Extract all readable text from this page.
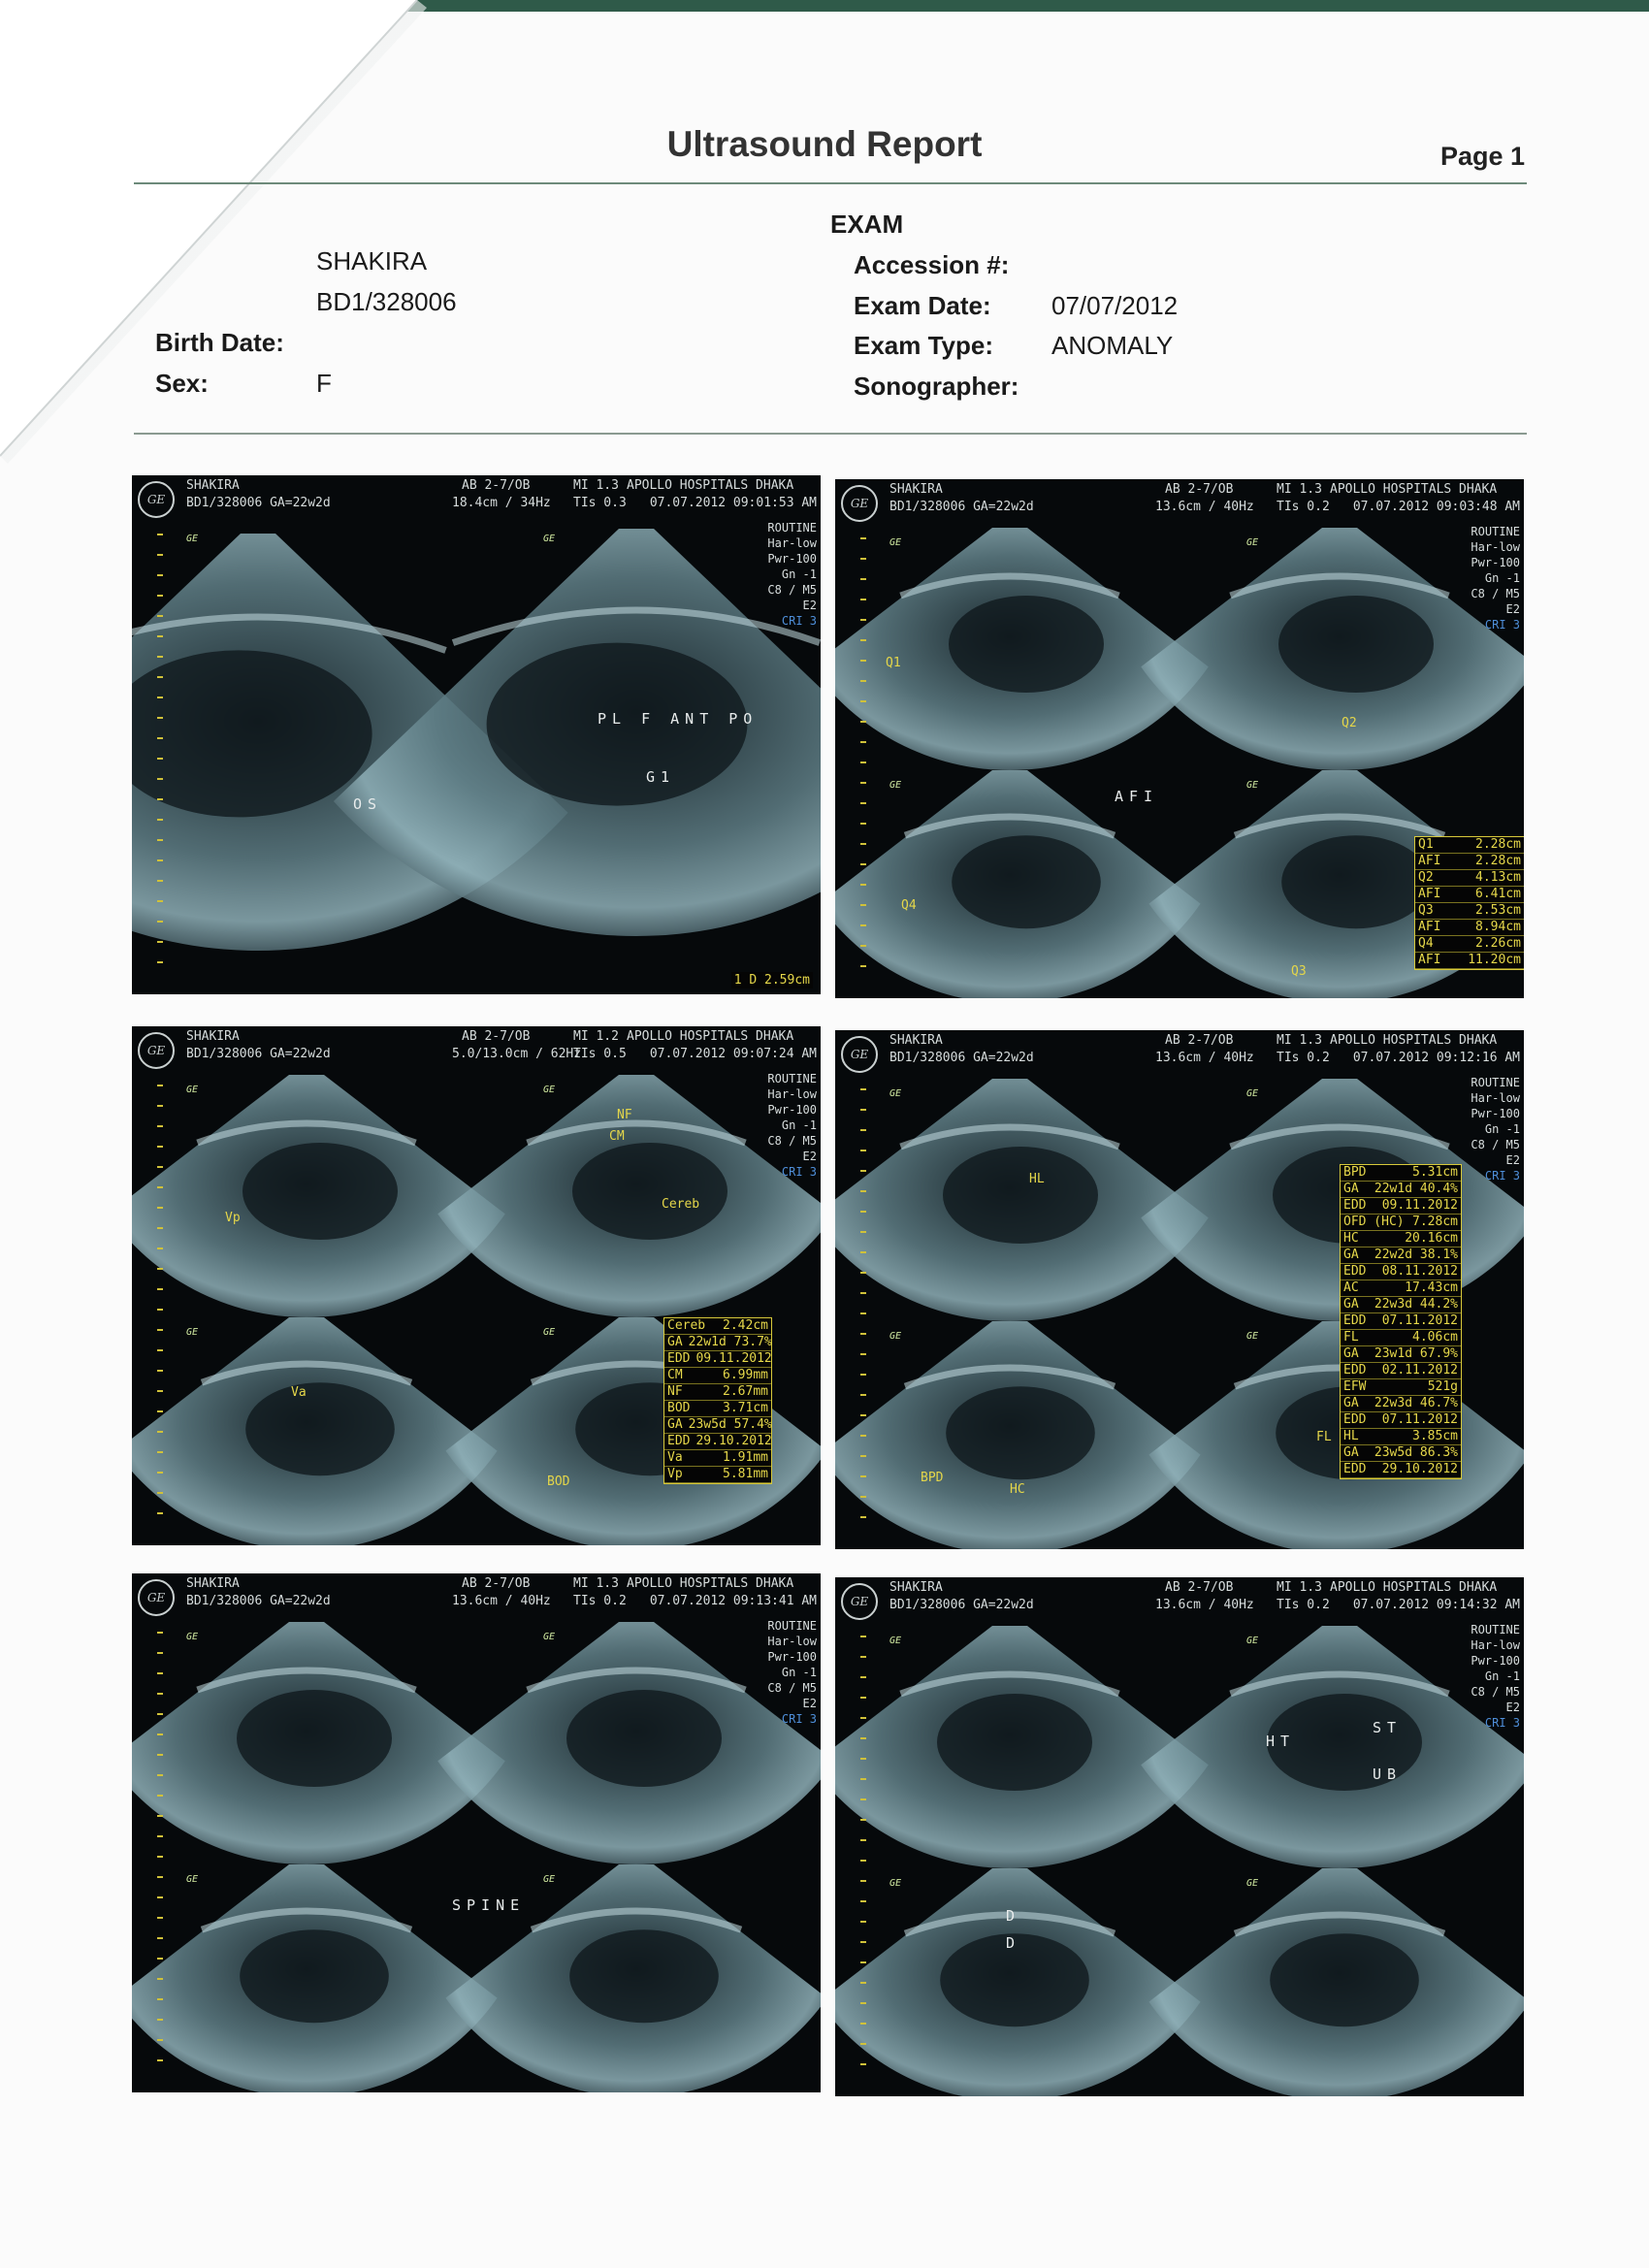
Ultrasound Report	Page 1
SHAKIRA
BD1/328006
Birth Date:
Sex:	F
EXAM
Accession #:
Exam Date: 07/07/2012
Exam Type: ANOMALY
Sonographer:
GE
SHAKIRA
BD1/328006 GA=22w2d
AB 2-7/OB
18.4cm / 34Hz
MI 1.3
TIs 0.3
APOLLO HOSPITALS DHAKA
07.07.2012 09:01:53 AM
ROUTINE
Har-low
Pwr-100
Gn -1
C8 / M5
E2
CRI 3
GE	GE
OS
PL F ANT PO
G1
1 D 2.59cm
GE
SHAKIRA
BD1/328006 GA=22w2d
AB 2-7/OB
13.6cm / 40Hz
MI 1.3
TIs 0.2
APOLLO HOSPITALS DHAKA
07.07.2012 09:03:48 AM
ROUTINE
Har-low
Pwr-100
Gn -1
C8 / M5
E2
CRI 3
GE	GE
GE	GE
AFI
Q1
Q2
Q3
Q4
Q1	2.28cm
AFI	2.28cm
Q2	4.13cm
AFI	6.41cm
Q3	2.53cm
AFI	8.94cm
Q4	2.26cm
AFI 11.20cm
GE
SHAKIRA
BD1/328006 GA=22w2d
AB 2-7/OB
5.0/13.0cm / 62Hz
MI 1.2
TIs 0.5
APOLLO HOSPITALS DHAKA
07.07.2012 09:07:24 AM
ROUTINE
Har-low
Pwr-100
Gn -1
C8 / M5
E2
CRI 3
GE	GE
GE	GE
Vp
NF
CM
Cereb
Va
BOD
Cereb 2.42cm
GA 22w1d 73.7%
EDD 09.11.2012
CM	6.99mm
NF	2.67mm
BOD	3.71cm
GA 23w5d 57.4%
EDD 29.10.2012
Va	1.91mm
Vp	5.81mm
GE
SHAKIRA
BD1/328006 GA=22w2d
AB 2-7/OB
13.6cm / 40Hz
MI 1.3
TIs 0.2
APOLLO HOSPITALS DHAKA
07.07.2012 09:12:16 AM
ROUTINE
Har-low
Pwr-100
Gn -1
C8 / M5
E2
CRI 3
GE	GE
GE	GE
HL
BPD
HC
FL
BPD	5.31cm
GA 22w1d 40.4%
EDD 09.11.2012
OFD (HC) 7.28cm
HC	20.16cm
GA 22w2d 38.1%
EDD 08.11.2012
AC	17.43cm
GA 22w3d 44.2%
EDD 07.11.2012
FL	4.06cm
GA 23w1d 67.9%
EDD 02.11.2012
EFW	521g
GA 22w3d 46.7%
EDD 07.11.2012
HL	3.85cm
GA 23w5d 86.3%
EDD 29.10.2012
GE
SHAKIRA
BD1/328006 GA=22w2d
AB 2-7/OB
13.6cm / 40Hz
MI 1.3
TIs 0.2
APOLLO HOSPITALS DHAKA
07.07.2012 09:13:41 AM
ROUTINE
Har-low
Pwr-100
Gn -1
C8 / M5
E2
CRI 3
GE	GE
GE	GE
SPINE
GE
SHAKIRA
BD1/328006 GA=22w2d
AB 2-7/OB
13.6cm / 40Hz
MI 1.3
TIs 0.2
APOLLO HOSPITALS DHAKA
07.07.2012 09:14:32 AM
ROUTINE
Har-low
Pwr-100
Gn -1
C8 / M5
E2
CRI 3
GE	GE
GE	GE
HT
ST
UB
D
D
